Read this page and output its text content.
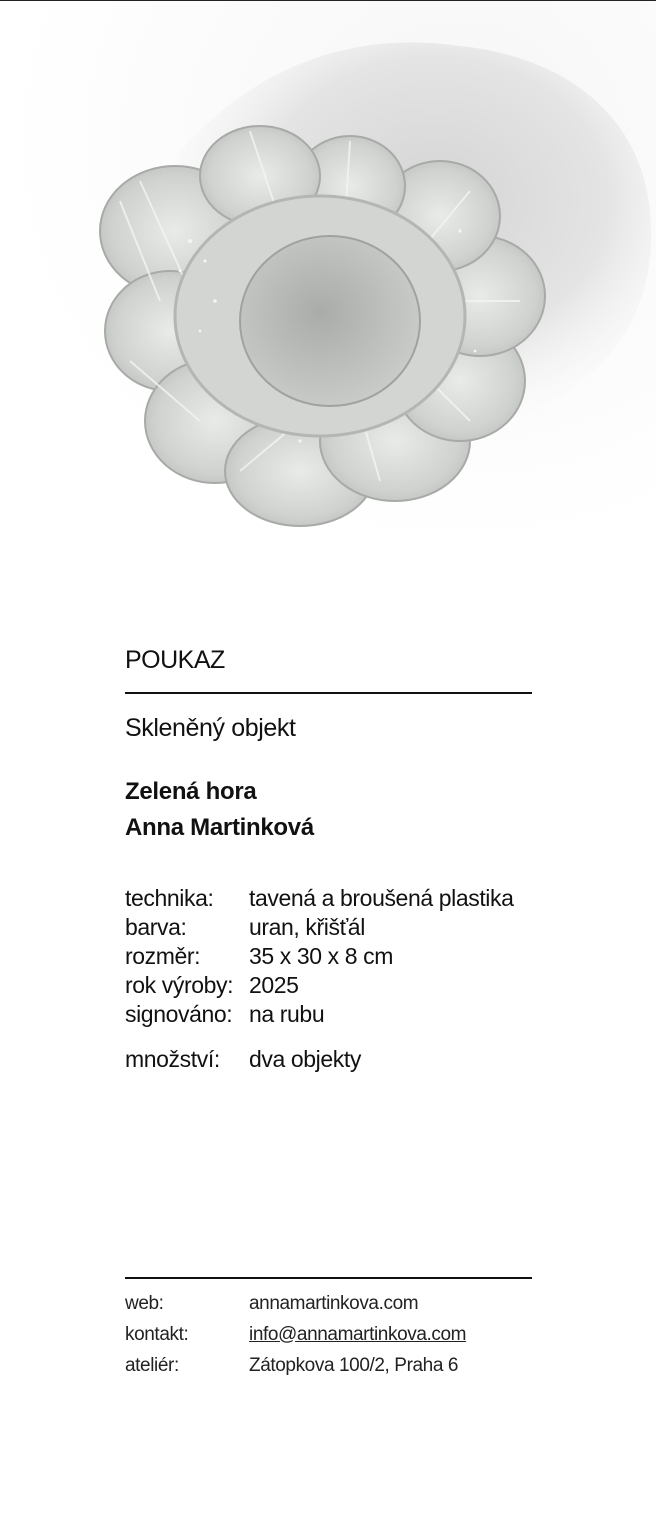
POUKAZ
Skleněný objekt
Zelená hora
Anna Martinková
technika:	tavená a broušená plastika
barva:	uran, křišťál
rozměr:	35 x 30 x 8 cm
rok výroby: 2025
signováno: na rubu
množství:	dva objekty
web:	annamartinkova.com
kontakt:	info@annamartinkova.com
ateliér:	Zátopkova 100/2, Praha 6
